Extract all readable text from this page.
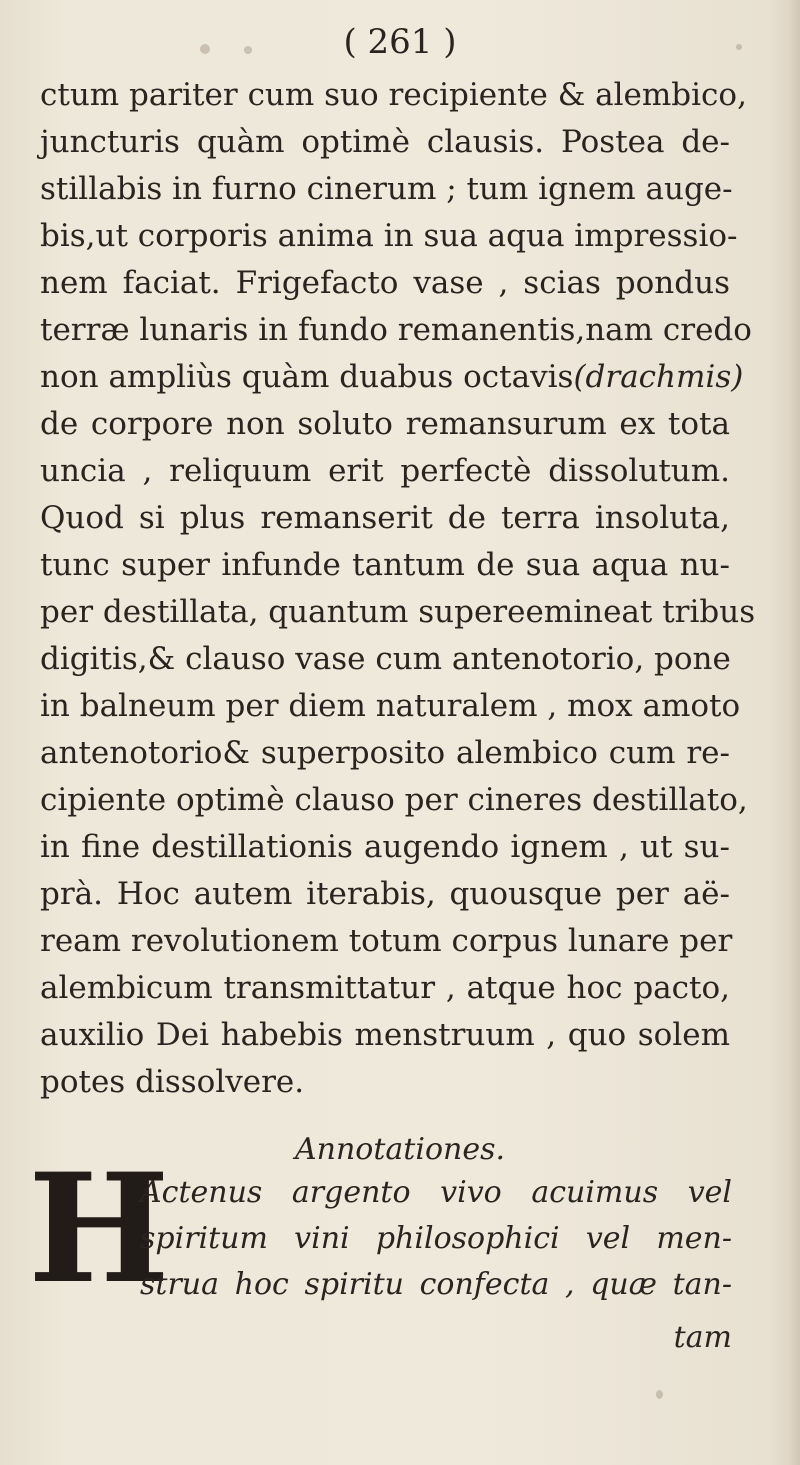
( 261 )
ctum pariter cum suo recipiente & alembico,
juncturis quàm optimè clausis. Postea de-
stillabis in furno cinerum ; tum ignem auge-
bis,ut corporis anima in sua aqua impressio-
nem faciat. Frigefacto vase , scias pondus
terræ lunaris in fundo remanentis,nam credo
non ampliùs quàm duabus octavis(drachmis)
de corpore non soluto remansurum ex tota
uncia , reliquum erit perfectè dissolutum.
Quod si plus remanserit de terra insoluta,
tunc super infunde tantum de sua aqua nu-
per destillata, quantum supereemineat tribus
digitis,& clauso vase cum antenotorio, pone
in balneum per diem naturalem , mox amoto
antenotorio& superposito alembico cum re-
cipiente optimè clauso per cineres destillato,
in fine destillationis augendo ignem , ut su-
prà. Hoc autem iterabis, quousque per aë-
ream revolutionem totum corpus lunare per
alembicum transmittatur , atque hoc pacto,
auxilio Dei habebis menstruum , quo solem
potes dissolvere.
Annotationes.
H
Actenus argento vivo acuimus vel
spiritum vini philosophici vel men-
strua hoc spiritu confecta , quæ tan-
tam
